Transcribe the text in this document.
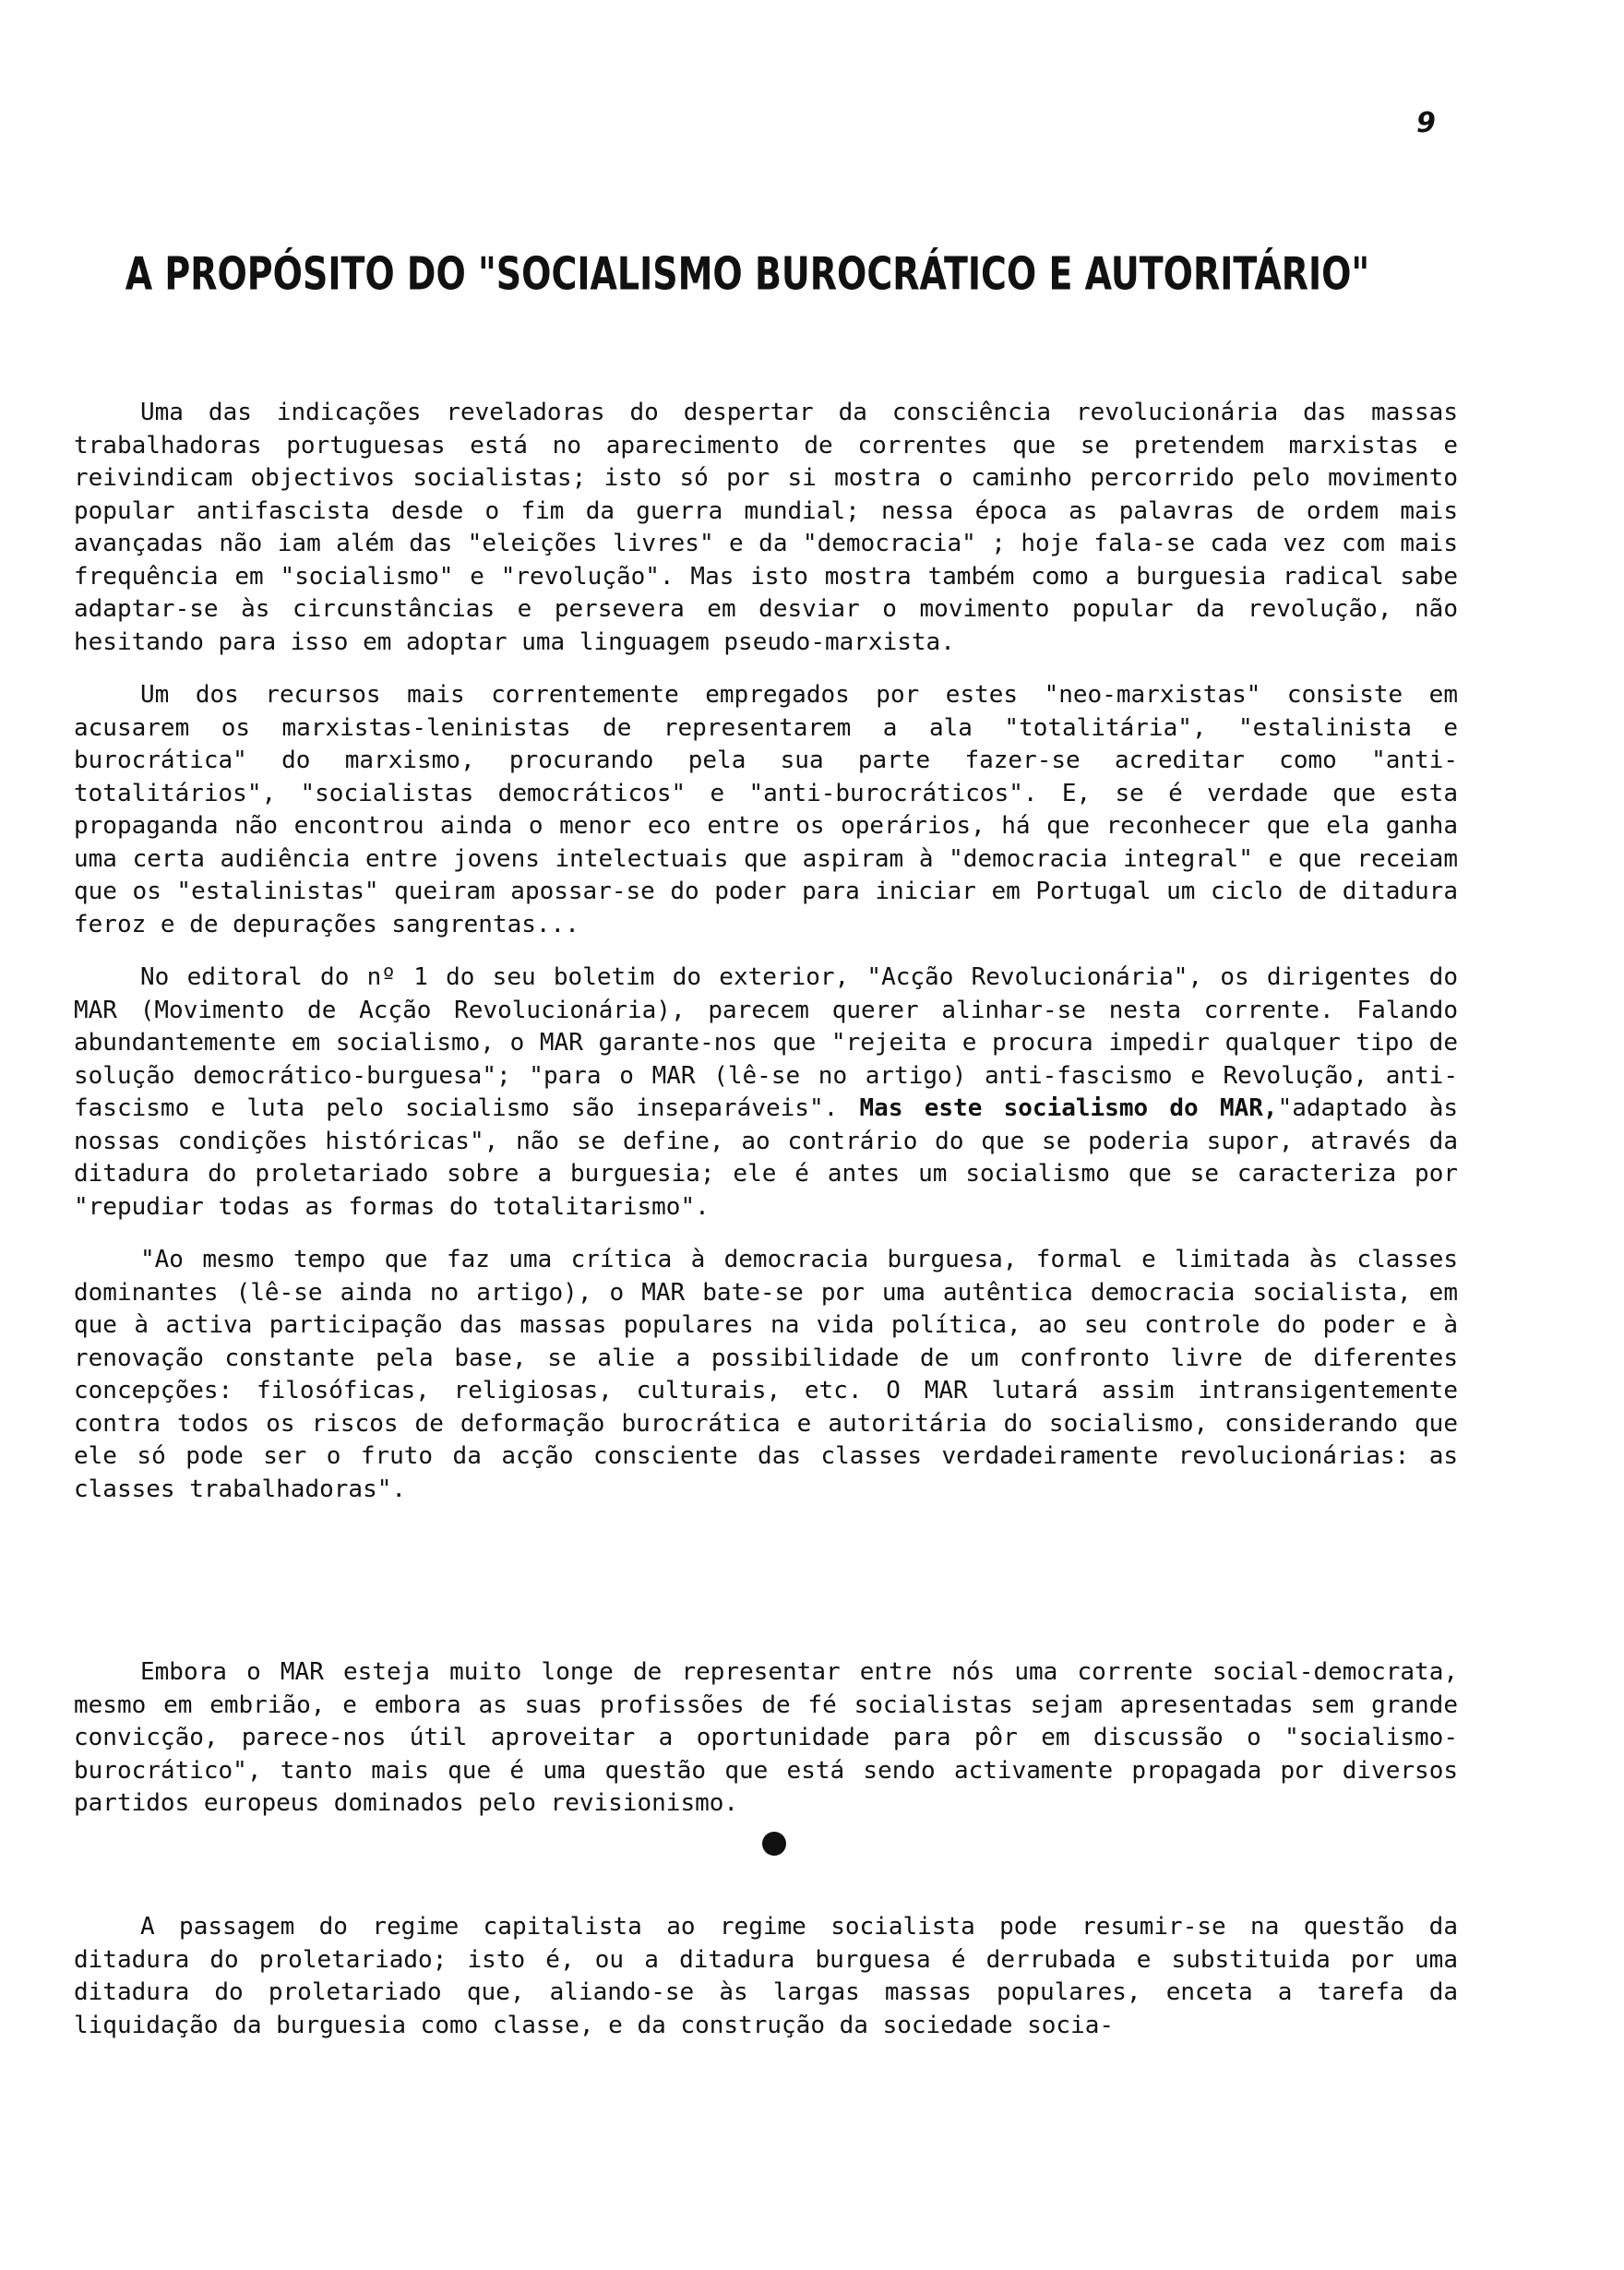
9
A PROPÓSITO DO "SOCIALISMO BUROCRÁTICO E AUTORITÁRIO"

Uma das indicações reveladoras do despertar da consciência revolucionária das massas trabalhadoras portuguesas está no aparecimento de correntes que se pretendem marxistas e reivindicam objectivos socialistas; isto só por si mostra o caminho percorrido pelo movimento popular antifascista desde o fim da guerra mundial; nessa época as palavras de ordem mais avançadas não iam além das "eleições livres" e da "democracia" ; hoje fala-se cada vez com mais frequência em "socialismo" e "revolução". Mas isto mostra também como a burguesia radical sabe adaptar-se às circunstâncias e persevera em desviar o movimento popular da revolução, não hesitando para isso em adoptar uma linguagem pseudo-marxista.

Um dos recursos mais correntemente empregados por estes "neo-marxistas" consiste em acusarem os marxistas-leninistas de representarem a ala "totalitária", "estalinista e burocrática" do marxismo, procurando pela sua parte fazer-se acreditar como "anti-totalitários", "socialistas democráticos" e "anti-burocráticos". E, se é verdade que esta propaganda não encontrou ainda o menor eco entre os operários, há que reconhecer que ela ganha uma certa audiência entre jovens intelectuais que aspiram à "democracia integral" e que receiam que os "estalinistas" queiram apossar-se do poder para iniciar em Portugal um ciclo de ditadura feroz e de depurações sangrentas...

No editoral do nº 1 do seu boletim do exterior, "Acção Revolucionária", os dirigentes do MAR (Movimento de Acção Revolucionária), parecem querer alinhar-se nesta corrente. Falando abundantemente em socialismo, o MAR garante-nos que "rejeita e procura impedir qualquer tipo de solução democrático-burguesa"; "para o MAR (lê-se no artigo) anti-fascismo e Revolução, anti-fascismo e luta pelo socialismo são inseparáveis". Mas este socialismo do MAR,"adaptado às nossas condições históricas", não se define, ao contrário do que se poderia supor, através da ditadura do proletariado sobre a burguesia; ele é antes um socialismo que se caracteriza por "repudiar todas as formas do totalitarismo".

"Ao mesmo tempo que faz uma crítica à democracia burguesa, formal e limitada às classes dominantes (lê-se ainda no artigo), o MAR bate-se por uma autêntica democracia socialista, em que à activa participação das massas populares na vida política, ao seu controle do poder e à renovação constante pela base, se alie a possibilidade de um confronto livre de diferentes concepções: filosóficas, religiosas, culturais, etc. O MAR lutará assim intransigentemente contra todos os riscos de deformação burocrática e autoritária do socialismo, considerando que ele só pode ser o fruto da acção consciente das classes verdadeiramente revolucionárias: as classes trabalhadoras".

Embora o MAR esteja muito longe de representar entre nós uma corrente social-democrata, mesmo em embrião, e embora as suas profissões de fé socialistas sejam apresentadas sem grande convicção, parece-nos útil aproveitar a oportunidade para pôr em discussão o "socialismo-burocrático", tanto mais que é uma questão que está sendo activamente propagada por diversos partidos europeus dominados pelo revisionismo.

A passagem do regime capitalista ao regime socialista pode resumir-se na questão da ditadura do proletariado; isto é, ou a ditadura burguesa é derrubada e substituida por uma ditadura do proletariado que, aliando-se às largas massas populares, enceta a tarefa da liquidação da burguesia como classe, e da construção da sociedade socia-
